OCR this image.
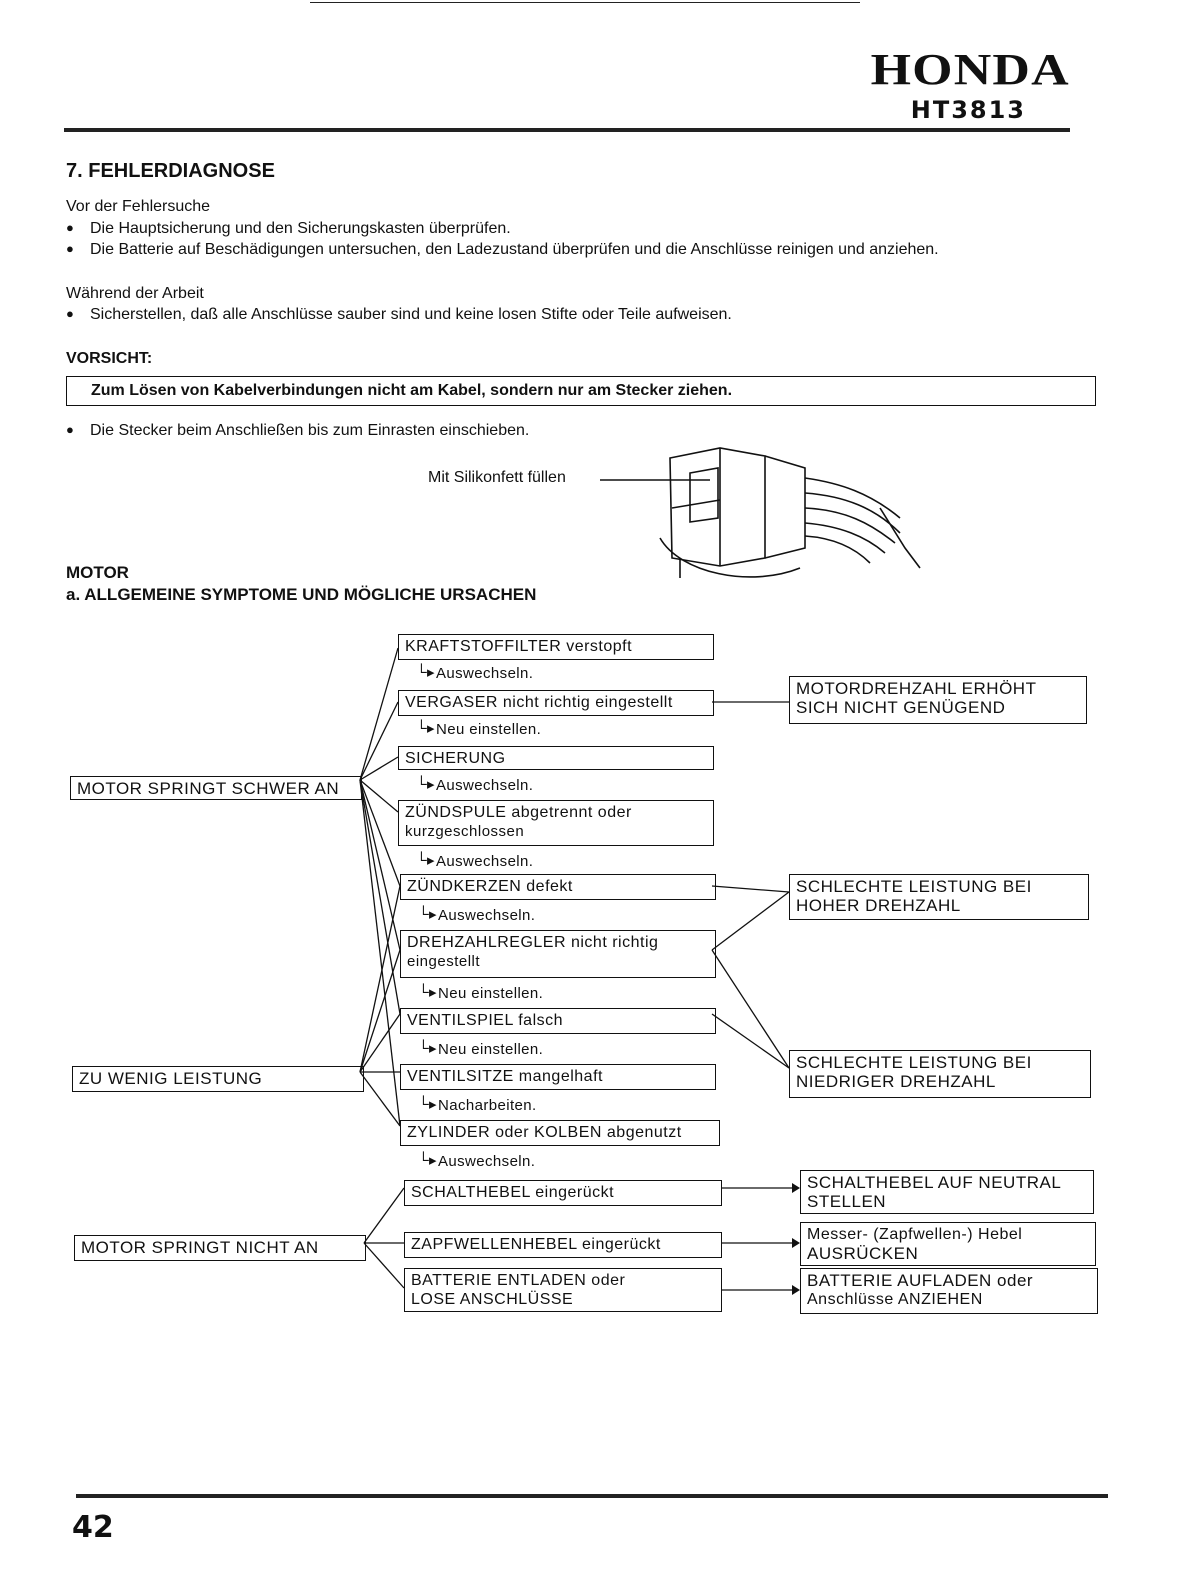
HONDA
HT3813
7. FEHLERDIAGNOSE
Vor der Fehlersuche
● Die Hauptsicherung und den Sicherungskasten überprüfen.
● Die Batterie auf Beschädigungen untersuchen, den Ladezustand überprüfen und die Anschlüsse reinigen und anziehen.
Während der Arbeit
● Sicherstellen, daß alle Anschlüsse sauber sind und keine losen Stifte oder Teile aufweisen.
VORSICHT:
Zum Lösen von Kabelverbindungen nicht am Kabel, sondern nur am Stecker ziehen.
● Die Stecker beim Anschließen bis zum Einrasten einschieben.
Mit Silikonfett füllen
MOTOR
a. ALLGEMEINE SYMPTOME UND MÖGLICHE URSACHEN
MOTOR SPRINGT SCHWER AN
ZU WENIG LEISTUNG
MOTOR SPRINGT NICHT AN
KRAFTSTOFFILTER verstopft
└▸Auswechseln.
VERGASER nicht richtig eingestellt
└▸Neu einstellen.
SICHERUNG
└▸Auswechseln.
ZÜNDSPULE abgetrennt oder
kurzgeschlossen
└▸Auswechseln.
ZÜNDKERZEN defekt
└▸Auswechseln.
DREHZAHLREGLER nicht richtig
eingestellt
└▸Neu einstellen.
VENTILSPIEL falsch
└▸Neu einstellen.
VENTILSITZE mangelhaft
└▸Nacharbeiten.
ZYLINDER oder KOLBEN abgenutzt
└▸Auswechseln.
SCHALTHEBEL eingerückt
ZAPFWELLENHEBEL eingerückt
BATTERIE ENTLADEN oder
LOSE ANSCHLÜSSE
MOTORDREHZAHL ERHÖHT
SICH NICHT GENÜGEND
SCHLECHTE LEISTUNG BEI
HOHER DREHZAHL
SCHLECHTE LEISTUNG BEI
NIEDRIGER DREHZAHL
SCHALTHEBEL AUF NEUTRAL
STELLEN
Messer- (Zapfwellen-) Hebel
AUSRÜCKEN
BATTERIE AUFLADEN oder
Anschlüsse ANZIEHEN
42
